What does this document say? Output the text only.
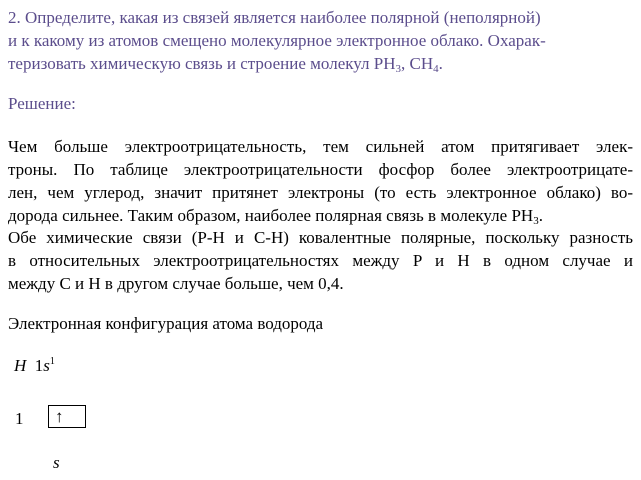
2. Определите, какая из связей является наиболее полярной (неполярной)
и к какому из атомов смещено молекулярное электронное облако. Охарак-
теризовать химическую связь и строение молекул $PH_3$, $CH_4$.
Решение:
Чем больше электроотрицательность, тем сильней атом притягивает элек-
троны. По таблице электроотрицательности фосфор более электроотрицате-
лен, чем углерод, значит притянет электроны (то есть электронное облако) во-
дорода сильнее. Таким образом, наиболее полярная связь в молекуле $PH_3$.
Обе химические связи (P-H и C-H) ковалентные полярные, поскольку разность
в относительных электроотрицательностях между P и H в одном случае и
между C и H в другом случае больше, чем 0,4.
Электронная конфигурация атома водорода
H $1s^1$
1	↑
s
